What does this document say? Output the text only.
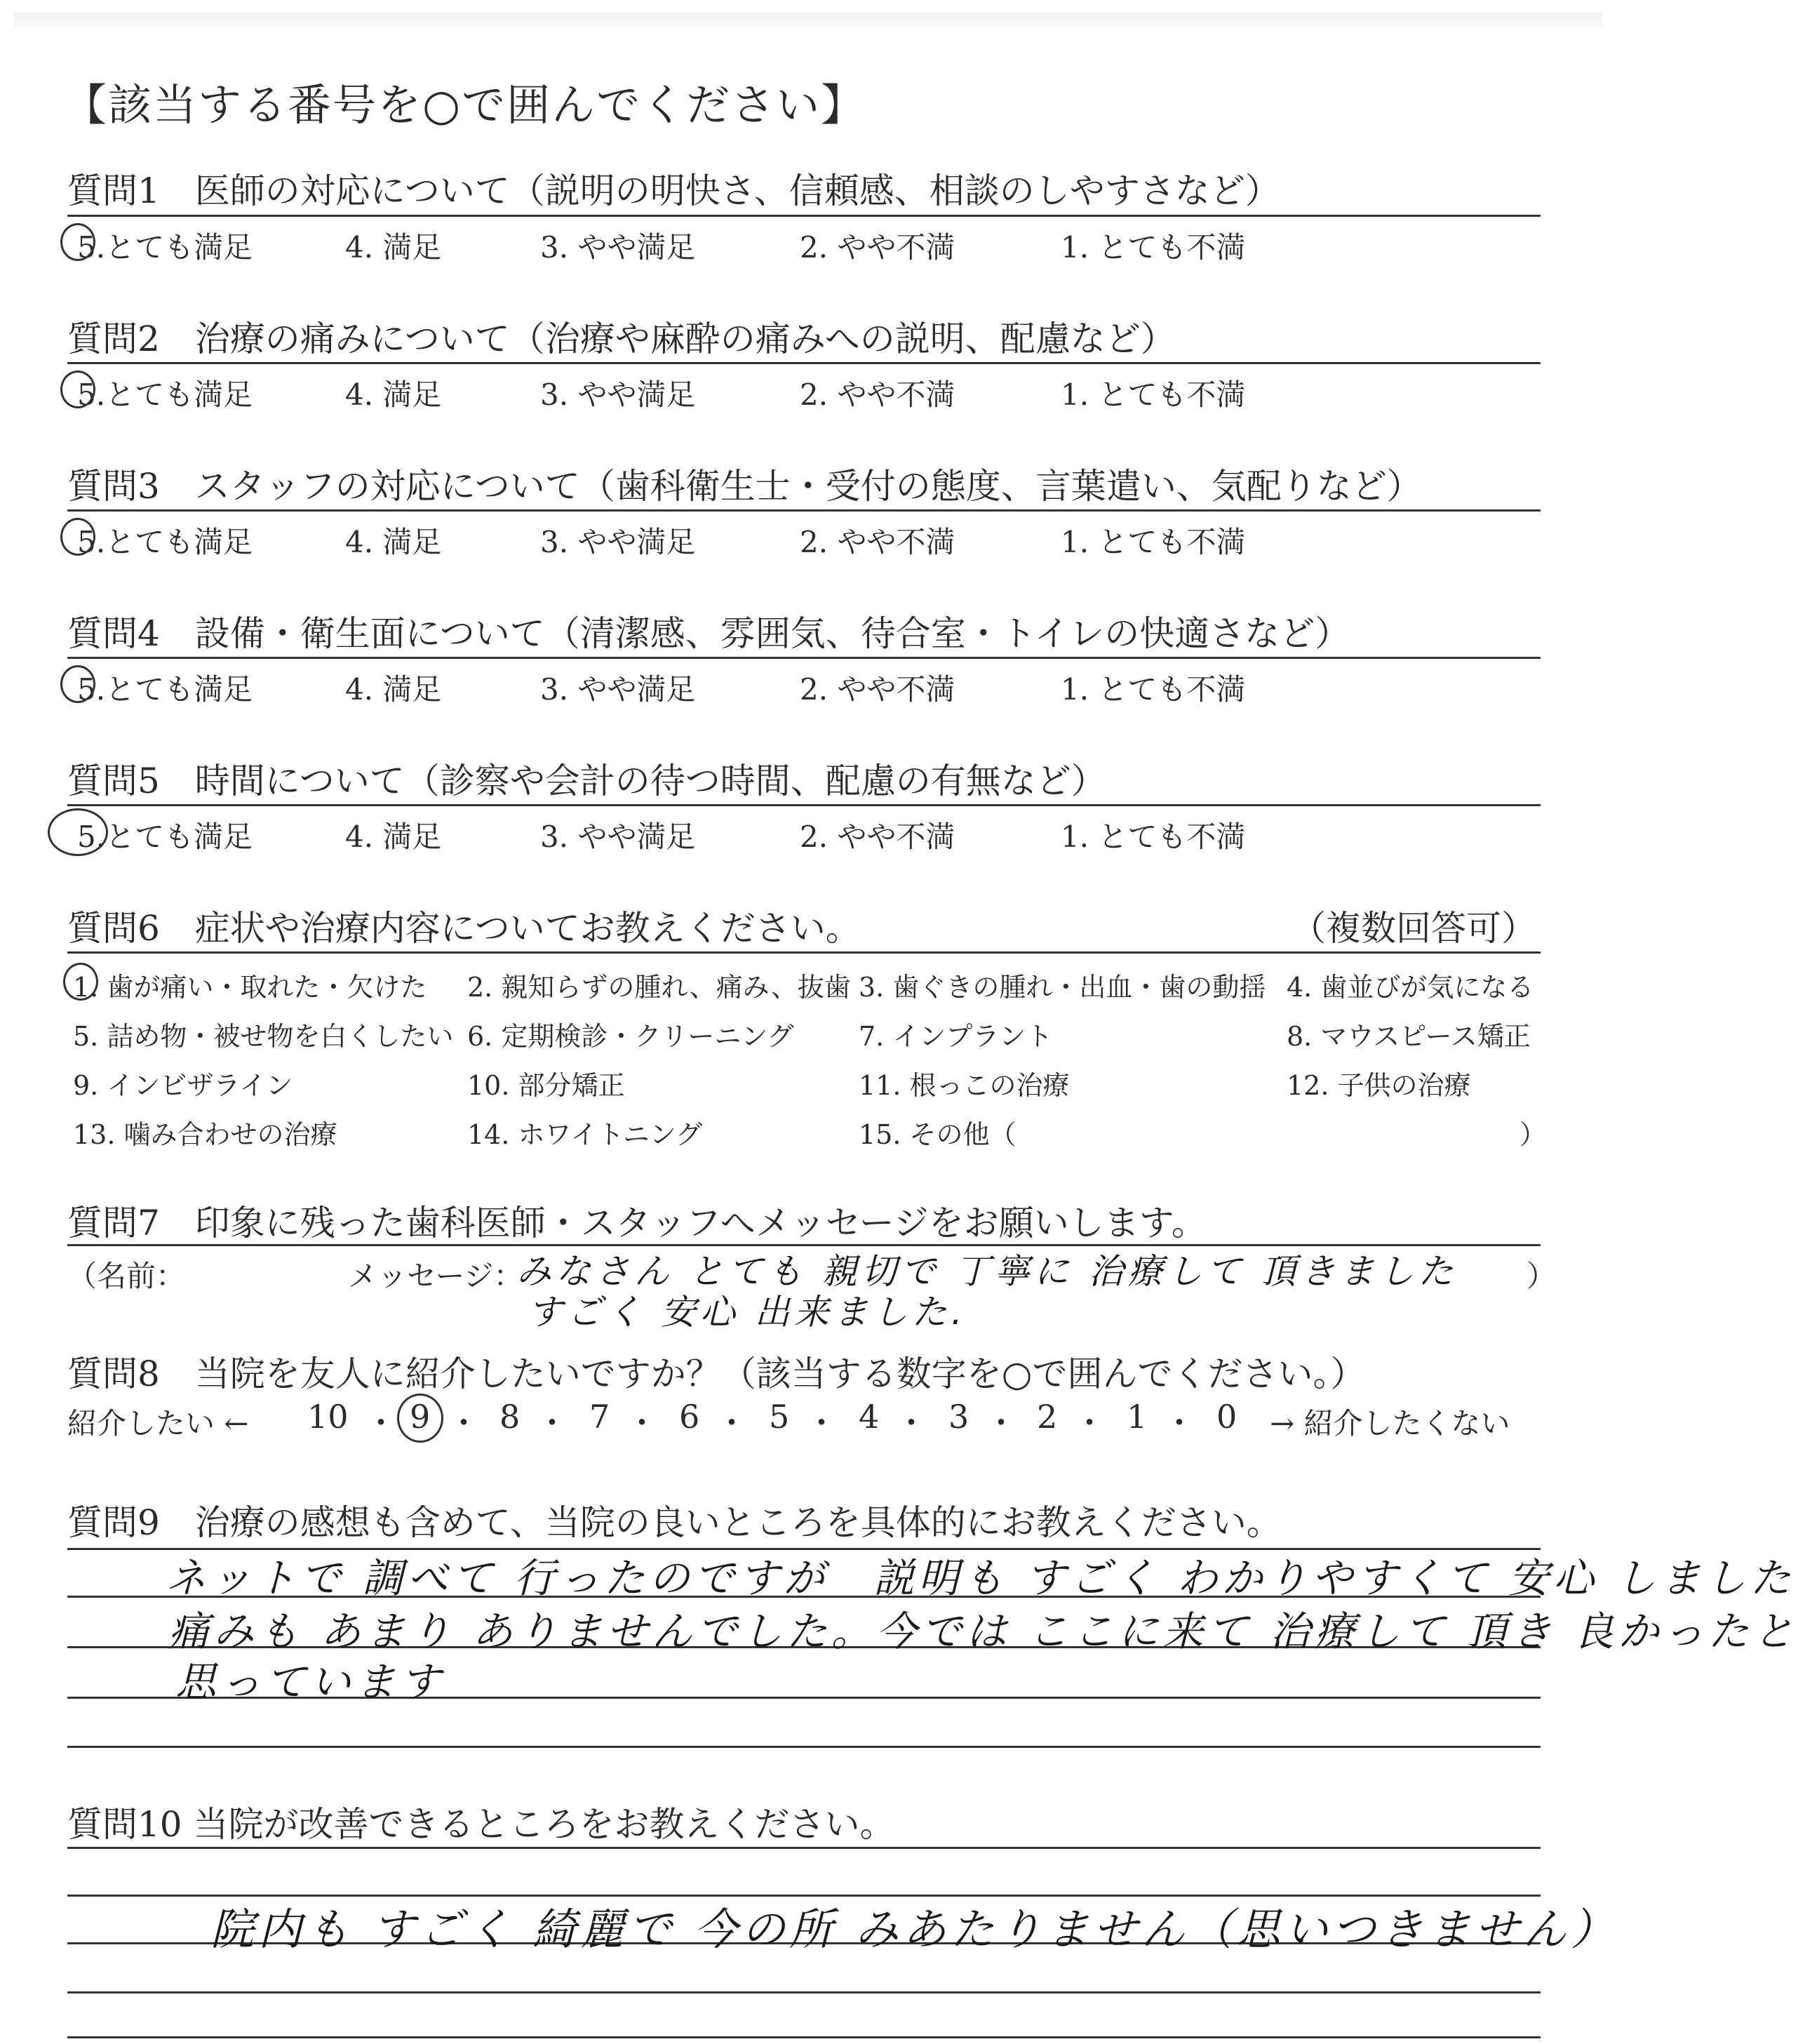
【該当する番号を○で囲んでください】
質問1　医師の対応について（説明の明快さ、信頼感、相談のしやすさなど）
5.とても満足	4. 満足	3. やや満足	2. やや不満	1. とても不満
質問2　治療の痛みについて（治療や麻酔の痛みへの説明、配慮など）
5.とても満足	4. 満足	3. やや満足	2. やや不満	1. とても不満
質問3　スタッフの対応について（歯科衛生士・受付の態度、言葉遣い、気配りなど）
5.とても満足	4. 満足	3. やや満足	2. やや不満	1. とても不満
質問4　設備・衛生面について（清潔感、雰囲気、待合室・トイレの快適さなど）
5.とても満足	4. 満足	3. やや満足	2. やや不満	1. とても不満
質問5　時間について（診察や会計の待つ時間、配慮の有無など）
5.とても満足	4. 満足	3. やや満足	2. やや不満	1. とても不満
質問6　症状や治療内容についてお教えください。	（複数回答可）
1. 歯が痛い・取れた・欠けた 2. 親知らずの腫れ、痛み、抜歯 3. 歯ぐきの腫れ・出血・歯の動揺 4. 歯並びが気になる
5. 詰め物・被せ物を白くしたい 6. 定期検診・クリーニング 7. インプラント	8. マウスピース矯正
9. インビザライン	10. 部分矯正	11. 根っこの治療	12. 子供の治療
13. 噛み合わせの治療	14. ホワイトニング	15. その他（	）
質問7　印象に残った歯科医師・スタッフへメッセージをお願いします。
（名前：	メッセージ：	）
みなさん とても 親切で 丁寧に 治療して 頂きました
すごく 安心 出来ました.
質問8　当院を友人に紹介したいですか？（該当する数字を○で囲んでください。）
紹介したい ←	→ 紹介したくない
10 ・ 9 ・ 8 ・ 7 ・ 6 ・ 5 ・ 4 ・ 3 ・ 2 ・ 1 ・ 0
質問9　治療の感想も含めて、当院の良いところを具体的にお教えください。
ネットで 調べて 行ったのですが　説明も すごく わかりやすくて 安心 しました
痛みも あまり ありませんでした。今では ここに来て 治療して 頂き 良かったと
思っています
質問10 当院が改善できるところをお教えください。
院内も すごく 綺麗で 今の所 みあたりません（思いつきません）
